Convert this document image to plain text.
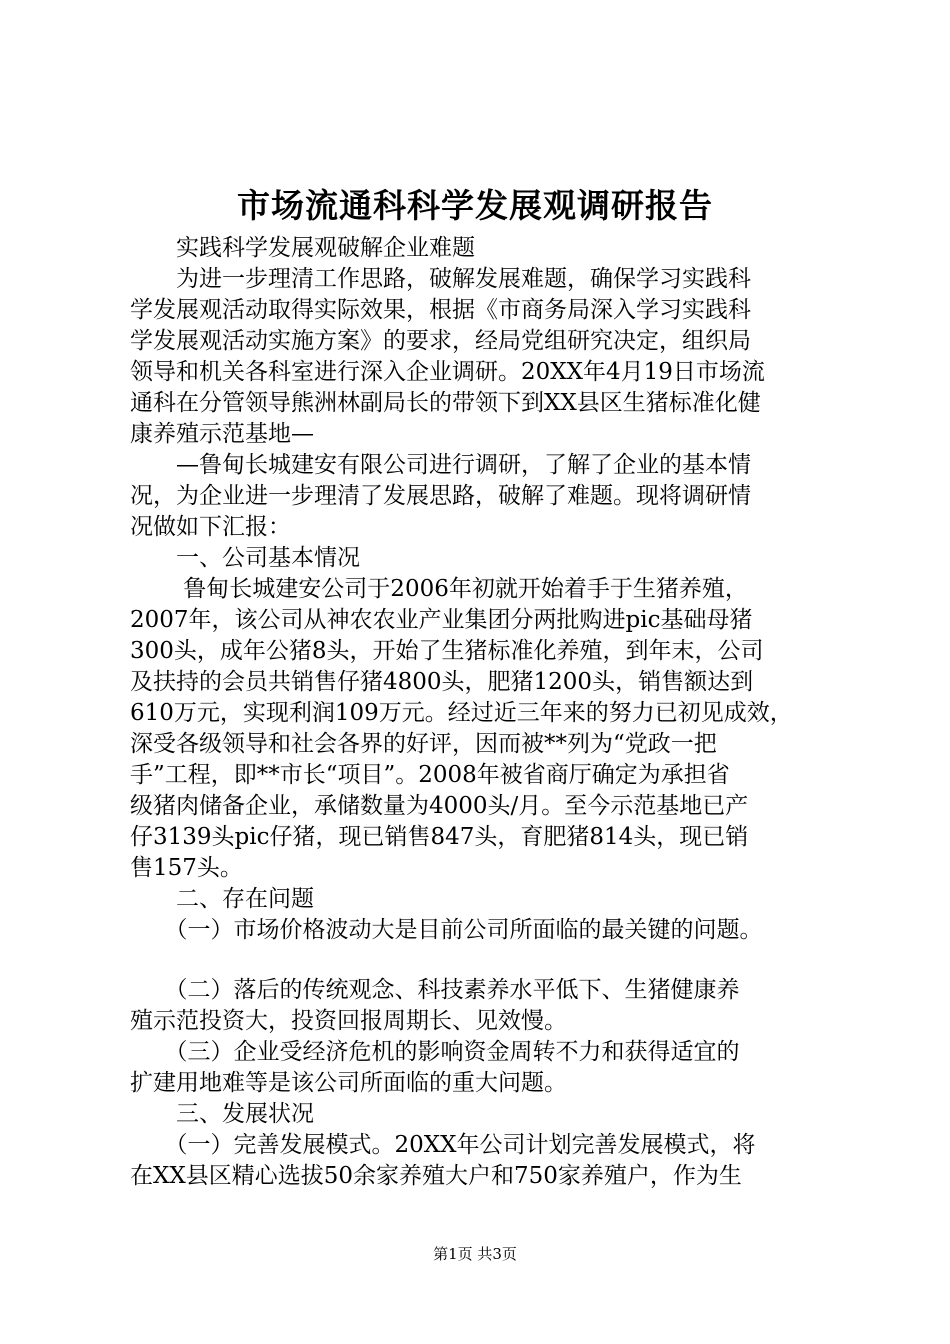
市场流通科科学发展观调研报告

　　实践科学发展观破解企业难题

　　为进一步理清工作思路，破解发展难题，确保学习实践科

学发展观活动取得实际效果，根据《市商务局深入学习实践科

学发展观活动实施方案》的要求，经局党组研究决定，组织局

领导和机关各科室进行深入企业调研。20XX年4月19日市场流

通科在分管领导熊洲林副局长的带领下到XX县区生猪标准化健

康养殖示范基地—

　　—鲁甸长城建安有限公司进行调研，了解了企业的基本情

况，为企业进一步理清了发展思路，破解了难题。现将调研情

况做如下汇报：

　　一、公司基本情况

　　 鲁甸长城建安公司于2006年初就开始着手于生猪养殖，

2007年，该公司从神农农业产业集团分两批购进pic基础母猪

300头，成年公猪8头，开始了生猪标准化养殖，到年末，公司

及扶持的会员共销售仔猪4800头，肥猪1200头，销售额达到

610万元，实现利润109万元。经过近三年来的努力已初见成效，

深受各级领导和社会各界的好评，因而被**列为“党政一把

手”工程，即**市长“项目”。2008年被省商厅确定为承担省

级猪肉储备企业，承储数量为4000头/月。至今示范基地已产

仔3139头pic仔猪，现已销售847头，育肥猪814头，现已销

售157头。

　　二、存在问题

　　（一）市场价格波动大是目前公司所面临的最关键的问题。

　　（二）落后的传统观念、科技素养水平低下、生猪健康养

殖示范投资大，投资回报周期长、见效慢。

　　（三）企业受经济危机的影响资金周转不力和获得适宜的

扩建用地难等是该公司所面临的重大问题。

　　三、发展状况

　　（一）完善发展模式。20XX年公司计划完善发展模式，将

在XX县区精心选拔50余家养殖大户和750家养殖户，作为生

第1页 共3页
